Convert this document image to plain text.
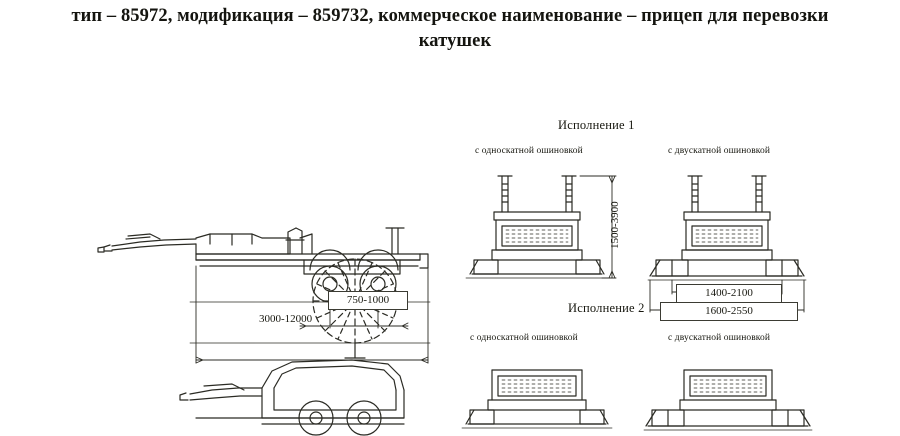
тип – 85972, модификация – 859732, коммерческое наименование – прицеп для перевозки
катушек
Исполнение 1
Исполнение 2
с односкатной ошиновкой	с двускатной ошиновкой
с односкатной ошиновкой	с двускатной ошиновкой
750-1000
3000-12000
1500-3900
1400-2100
1600-2550
